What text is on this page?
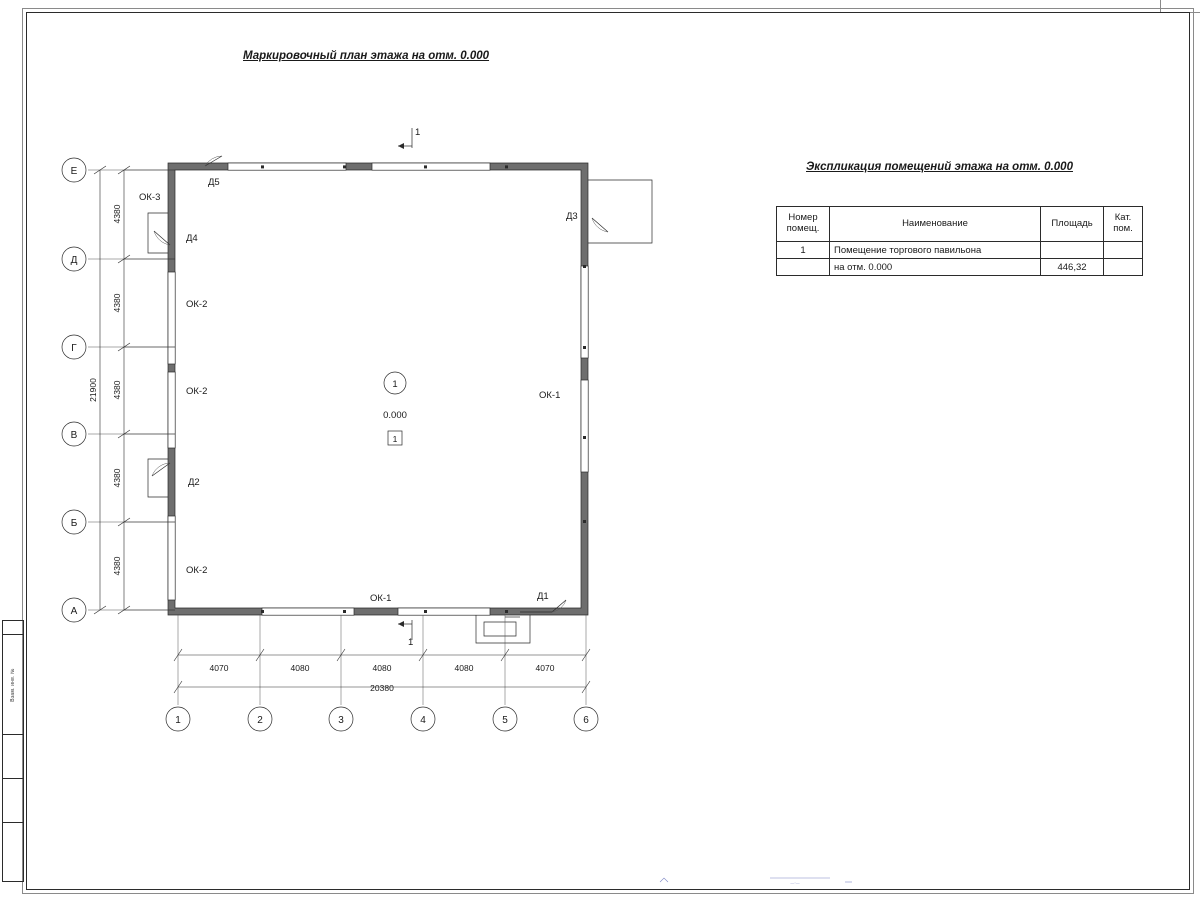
Взам. инв. №
Маркировочный план этажа на отм. 0.000
Экспликация помещений этажа на отм. 0.000
Номер
помещ.	Наименование	Площадь	Кат.
пом.

1	Помещение торгового павильона		
	на отм. 0.000	446,32	
1
0.000
1
1
1
Д5
Д4
Д3
Д2
Д1
ОК-3
ОК-2
ОК-2
ОК-2
ОК-1
ОК-1
Е
Д
Г
В
Б
А
4380
4380
4380
4380
4380
21900
1	2	3	4	5	6
4070	4080	4080	4080	4070
20380
—·—
